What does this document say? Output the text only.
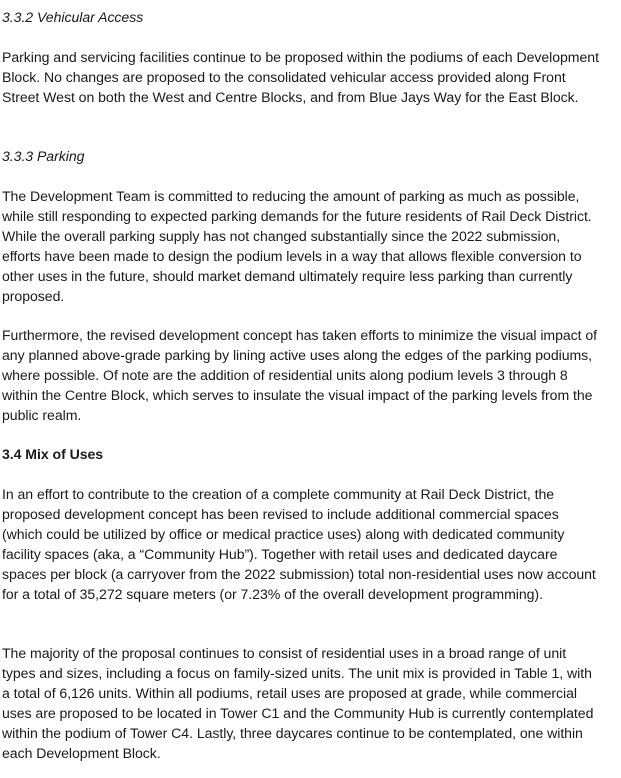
3.3.2 Vehicular Access

Parking and servicing facilities continue to be proposed within the podiums of each Development Block. No changes are proposed to the consolidated vehicular access provided along Front Street West on both the West and Centre Blocks, and from Blue Jays Way for the East Block.

3.3.3 Parking

The Development Team is committed to reducing the amount of parking as much as possible, while still responding to expected parking demands for the future residents of Rail Deck District. While the overall parking supply has not changed substantially since the 2022 submission, efforts have been made to design the podium levels in a way that allows flexible conversion to other uses in the future, should market demand ultimately require less parking than currently proposed.

Furthermore, the revised development concept has taken efforts to minimize the visual impact of any planned above-grade parking by lining active uses along the edges of the parking podiums, where possible. Of note are the addition of residential units along podium levels 3 through 8 within the Centre Block, which serves to insulate the visual impact of the parking levels from the public realm.

3.4 Mix of Uses

In an effort to contribute to the creation of a complete community at Rail Deck District, the proposed development concept has been revised to include additional commercial spaces (which could be utilized by office or medical practice uses) along with dedicated community facility spaces (aka, a “Community Hub”). Together with retail uses and dedicated daycare spaces per block (a carryover from the 2022 submission) total non-residential uses now account for a total of 35,272 square meters (or 7.23% of the overall development programming).

The majority of the proposal continues to consist of residential uses in a broad range of unit types and sizes, including a focus on family-sized units. The unit mix is provided in Table 1, with a total of 6,126 units. Within all podiums, retail uses are proposed at grade, while commercial uses are proposed to be located in Tower C1 and the Community Hub is currently contemplated within the podium of Tower C4. Lastly, three daycares continue to be contemplated, one within each Development Block.
